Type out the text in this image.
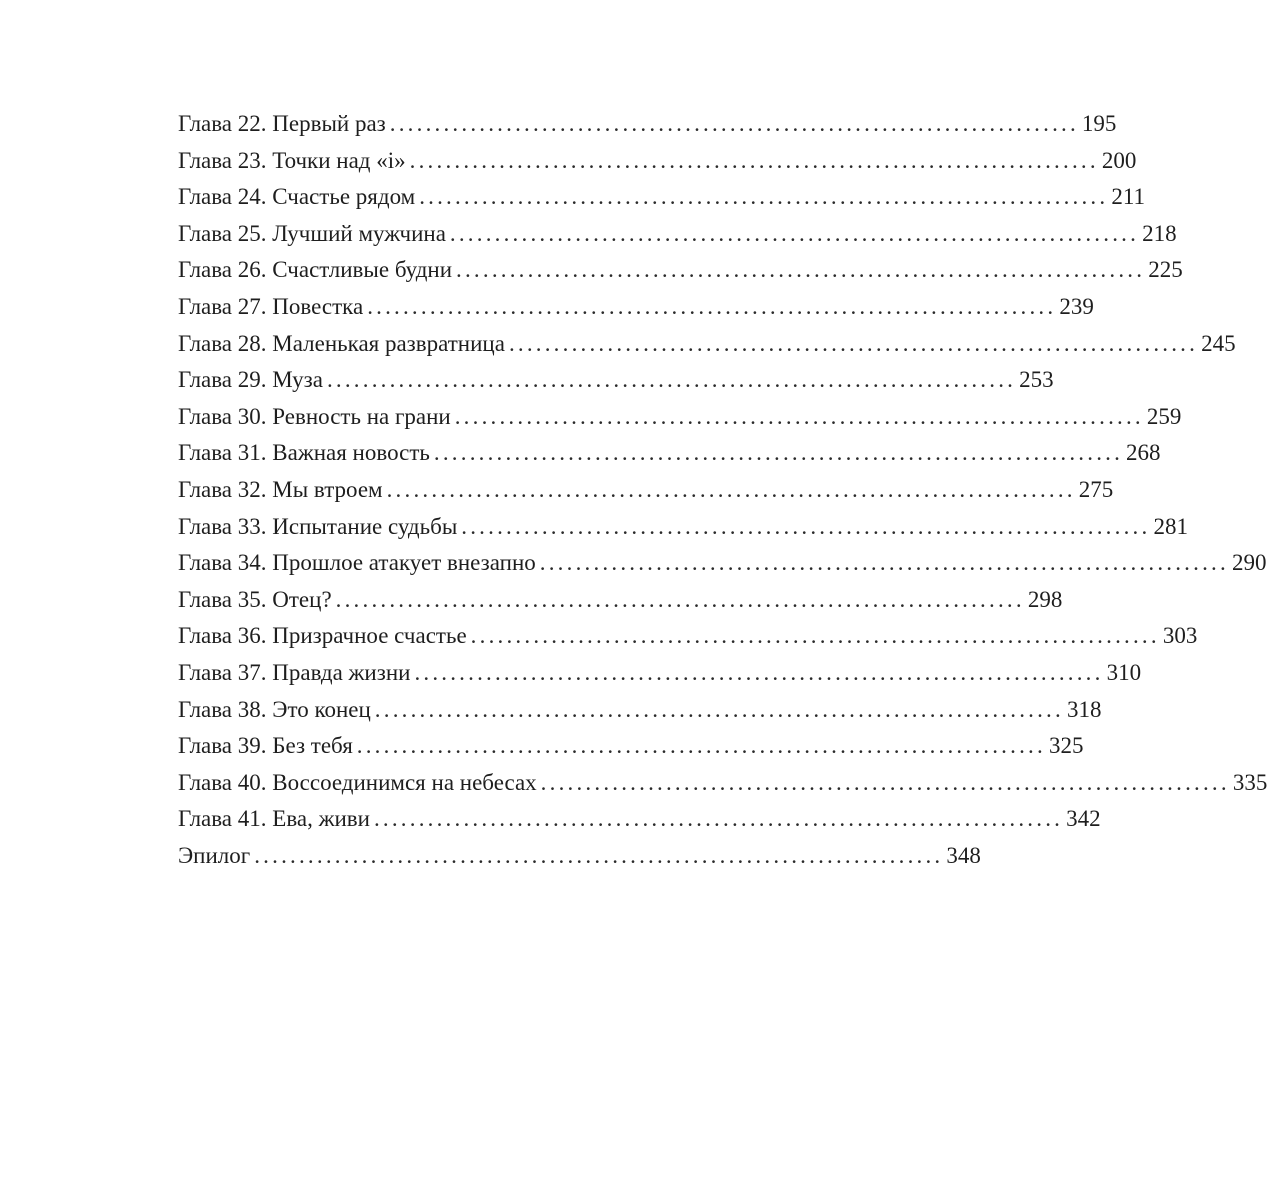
Глава 22. Первый раз ............................................................................. 195
Глава 23. Точки над «i» ............................................................................. 200
Глава 24. Счастье рядом ............................................................................. 211
Глава 25. Лучший мужчина ............................................................................. 218
Глава 26. Счастливые будни ............................................................................. 225
Глава 27. Повестка ............................................................................. 239
Глава 28. Маленькая развратница ............................................................................. 245
Глава 29. Муза ............................................................................. 253
Глава 30. Ревность на грани ............................................................................. 259
Глава 31. Важная новость ............................................................................. 268
Глава 32. Мы втроем ............................................................................. 275
Глава 33. Испытание судьбы ............................................................................. 281
Глава 34. Прошлое атакует внезапно ............................................................................. 290
Глава 35. Отец? ............................................................................. 298
Глава 36. Призрачное счастье ............................................................................. 303
Глава 37. Правда жизни ............................................................................. 310
Глава 38. Это конец ............................................................................. 318
Глава 39. Без тебя ............................................................................. 325
Глава 40. Воссоединимся на небесах ............................................................................. 335
Глава 41. Ева, живи ............................................................................. 342
Эпилог ............................................................................. 348
